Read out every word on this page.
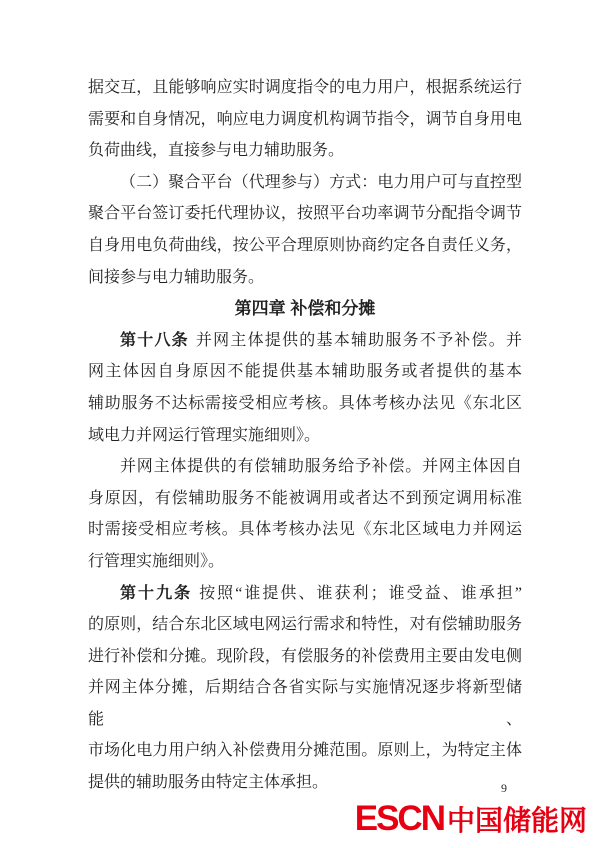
据交互，且能够响应实时调度指令的电力用户，根据系统运行
需要和自身情况，响应电力调度机构调节指令，调节自身用电
负荷曲线，直接参与电力辅助服务。
（二）聚合平台（代理参与）方式：电力用户可与直控型
聚合平台签订委托代理协议，按照平台功率调节分配指令调节
自身用电负荷曲线，按公平合理原则协商约定各自责任义务，
间接参与电力辅助服务。
第四章 补偿和分摊
第十八条 并网主体提供的基本辅助服务不予补偿。并
网主体因自身原因不能提供基本辅助服务或者提供的基本
辅助服务不达标需接受相应考核。具体考核办法见《东北区
域电力并网运行管理实施细则》。
并网主体提供的有偿辅助服务给予补偿。并网主体因自
身原因，有偿辅助服务不能被调用或者达不到预定调用标准
时需接受相应考核。具体考核办法见《东北区域电力并网运
行管理实施细则》。
第十九条 按照“谁提供、谁获利；谁受益、谁承担”
的原则，结合东北区域电网运行需求和特性，对有偿辅助服务
进行补偿和分摊。现阶段，有偿服务的补偿费用主要由发电侧
并网主体分摊，后期结合各省实际与实施情况逐步将新型储能、
市场化电力用户纳入补偿费用分摊范围。原则上，为特定主体
提供的辅助服务由特定主体承担。	9
ESCN 中国储能网
